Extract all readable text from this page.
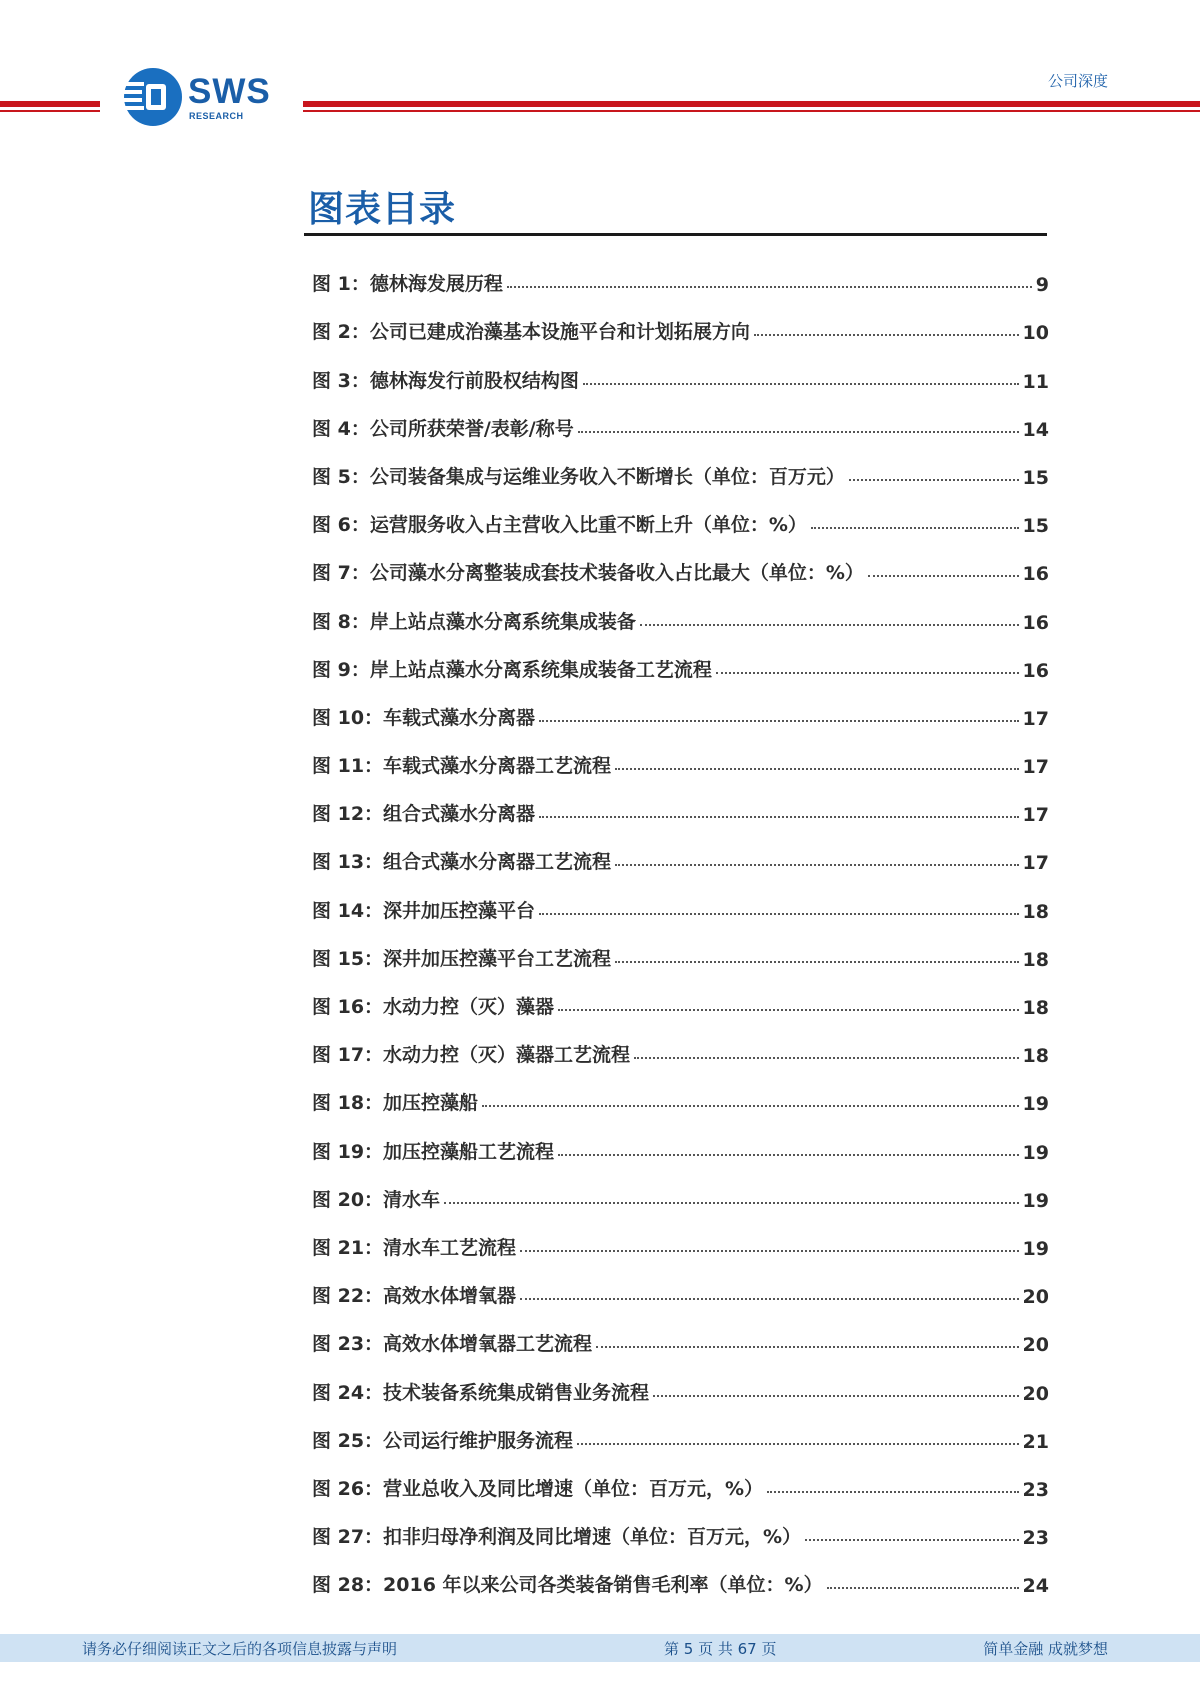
SWS
RESEARCH
公司深度
图表目录
图 1：德林海发展历程	9
图 2：公司已建成治藻基本设施平台和计划拓展方向	10
图 3：德林海发行前股权结构图	11
图 4：公司所获荣誉/表彰/称号	14
图 5：公司装备集成与运维业务收入不断增长（单位：百万元）	15
图 6：运营服务收入占主营收入比重不断上升（单位：%）	15
图 7：公司藻水分离整装成套技术装备收入占比最大（单位：%）	16
图 8：岸上站点藻水分离系统集成装备	16
图 9：岸上站点藻水分离系统集成装备工艺流程	16
图 10：车载式藻水分离器	17
图 11：车载式藻水分离器工艺流程	17
图 12：组合式藻水分离器	17
图 13：组合式藻水分离器工艺流程	17
图 14：深井加压控藻平台	18
图 15：深井加压控藻平台工艺流程	18
图 16：水动力控（灭）藻器	18
图 17：水动力控（灭）藻器工艺流程	18
图 18：加压控藻船	19
图 19：加压控藻船工艺流程	19
图 20：清水车	19
图 21：清水车工艺流程	19
图 22：高效水体增氧器	20
图 23：高效水体增氧器工艺流程	20
图 24：技术装备系统集成销售业务流程	20
图 25：公司运行维护服务流程	21
图 26：营业总收入及同比增速（单位：百万元，%）	23
图 27：扣非归母净利润及同比增速（单位：百万元，%）	23
图 28：2016 年以来公司各类装备销售毛利率（单位：%）	24
请务必仔细阅读正文之后的各项信息披露与声明	第 5 页 共 67 页	简单金融 成就梦想
